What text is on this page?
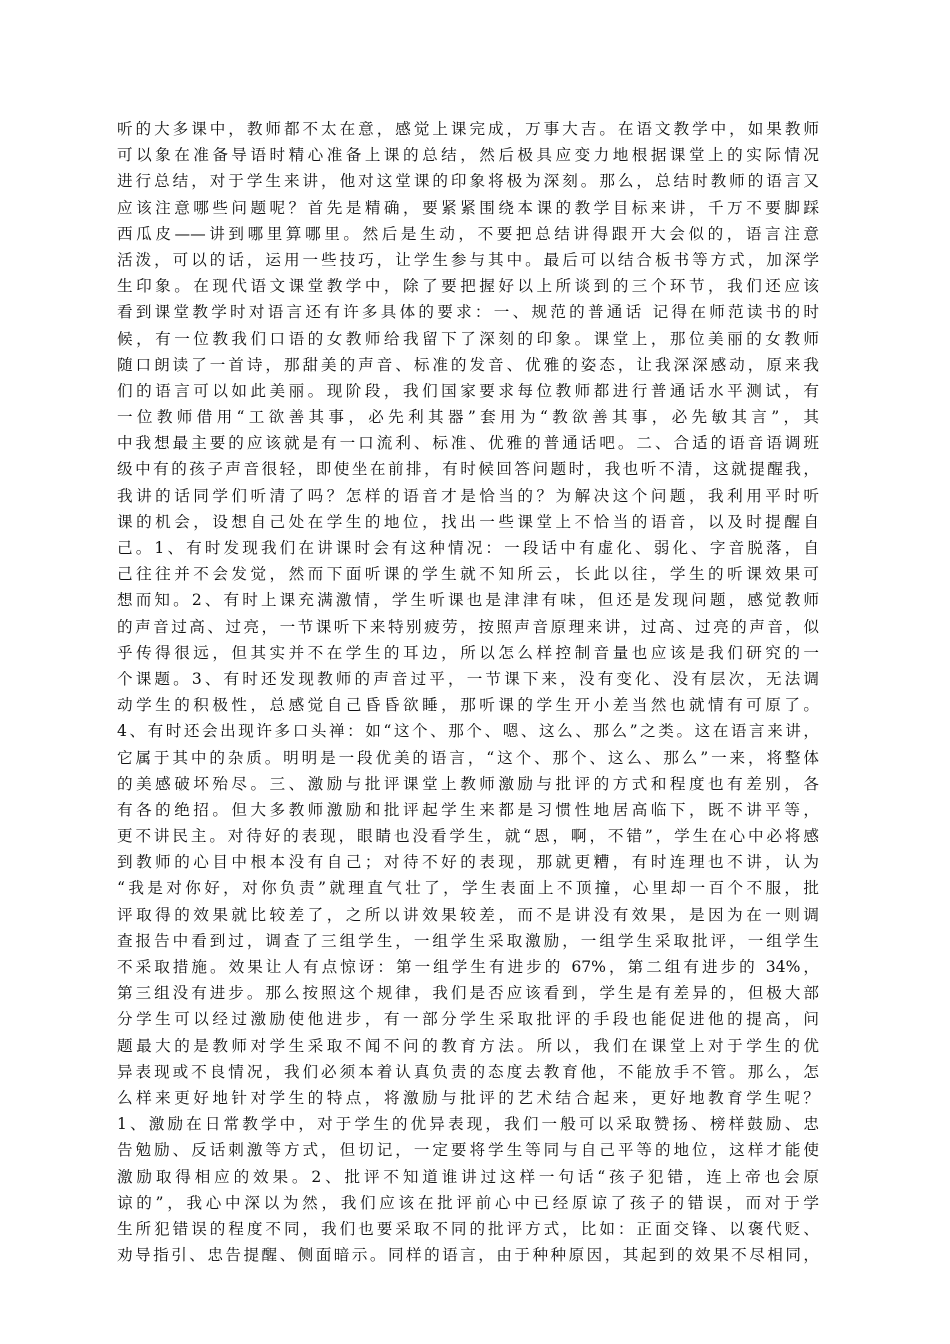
听的大多课中，教师都不太在意，感觉上课完成，万事大吉。在语文教学中，如果教师
可以象在准备导语时精心准备上课的总结，然后极具应变力地根据课堂上的实际情况
进行总结，对于学生来讲，他对这堂课的印象将极为深刻。那么，总结时教师的语言又
应该注意哪些问题呢？首先是精确，要紧紧围绕本课的教学目标来讲，千万不要脚踩
西瓜皮——讲到哪里算哪里。然后是生动，不要把总结讲得跟开大会似的，语言注意
活泼，可以的话，运用一些技巧，让学生参与其中。最后可以结合板书等方式，加深学
生印象。在现代语文课堂教学中，除了要把握好以上所谈到的三个环节，我们还应该
看到课堂教学时对语言还有许多具体的要求：一、规范的普通话 记得在师范读书的时
候，有一位教我们口语的女教师给我留下了深刻的印象。课堂上，那位美丽的女教师
随口朗读了一首诗，那甜美的声音、标准的发音、优雅的姿态，让我深深感动，原来我
们的语言可以如此美丽。现阶段，我们国家要求每位教师都进行普通话水平测试，有
一位教师借用“工欲善其事，必先利其器”套用为“教欲善其事，必先敏其言”，其
中我想最主要的应该就是有一口流利、标准、优雅的普通话吧。二、合适的语音语调班
级中有的孩子声音很轻，即使坐在前排，有时候回答问题时，我也听不清，这就提醒我，
我讲的话同学们听清了吗？怎样的语音才是恰当的？为解决这个问题，我利用平时听
课的机会，设想自己处在学生的地位，找出一些课堂上不恰当的语音，以及时提醒自
己。1、有时发现我们在讲课时会有这种情况：一段话中有虚化、弱化、字音脱落，自
己往往并不会发觉，然而下面听课的学生就不知所云，长此以往，学生的听课效果可
想而知。2、有时上课充满激情，学生听课也是津津有味，但还是发现问题，感觉教师
的声音过高、过亮，一节课听下来特别疲劳，按照声音原理来讲，过高、过亮的声音，似
乎传得很远，但其实并不在学生的耳边，所以怎么样控制音量也应该是我们研究的一
个课题。3、有时还发现教师的声音过平，一节课下来，没有变化、没有层次，无法调
动学生的积极性，总感觉自己昏昏欲睡，那听课的学生开小差当然也就情有可原了。
4、有时还会出现许多口头禅：如“这个、那个、嗯、这么、那么”之类。这在语言来讲，
它属于其中的杂质。明明是一段优美的语言，“这个、那个、这么、那么”一来，将整体
的美感破坏殆尽。三、激励与批评课堂上教师激励与批评的方式和程度也有差别，各
有各的绝招。但大多教师激励和批评起学生来都是习惯性地居高临下，既不讲平等，
更不讲民主。对待好的表现，眼睛也没看学生，就“恩，啊，不错”，学生在心中必将感
到教师的心目中根本没有自己；对待不好的表现，那就更糟，有时连理也不讲，认为
“我是对你好，对你负责”就理直气壮了，学生表面上不顶撞，心里却一百个不服，批
评取得的效果就比较差了，之所以讲效果较差，而不是讲没有效果，是因为在一则调
查报告中看到过，调查了三组学生，一组学生采取激励，一组学生采取批评，一组学生
不采取措施。效果让人有点惊讶：第一组学生有进步的 67%，第二组有进步的 34%，
第三组没有进步。那么按照这个规律，我们是否应该看到，学生是有差异的，但极大部
分学生可以经过激励使他进步，有一部分学生采取批评的手段也能促进他的提高，问
题最大的是教师对学生采取不闻不问的教育方法。所以，我们在课堂上对于学生的优
异表现或不良情况，我们必须本着认真负责的态度去教育他，不能放手不管。那么，怎
么样来更好地针对学生的特点，将激励与批评的艺术结合起来，更好地教育学生呢？
1、激励在日常教学中，对于学生的优异表现，我们一般可以采取赞扬、榜样鼓励、忠
告勉励、反话刺激等方式，但切记，一定要将学生等同与自己平等的地位，这样才能使
激励取得相应的效果。2、批评不知道谁讲过这样一句话“孩子犯错，连上帝也会原
谅的”，我心中深以为然，我们应该在批评前心中已经原谅了孩子的错误，而对于学
生所犯错误的程度不同，我们也要采取不同的批评方式，比如：正面交锋、以褒代贬、
劝导指引、忠告提醒、侧面暗示。同样的语言，由于种种原因，其起到的效果不尽相同，
